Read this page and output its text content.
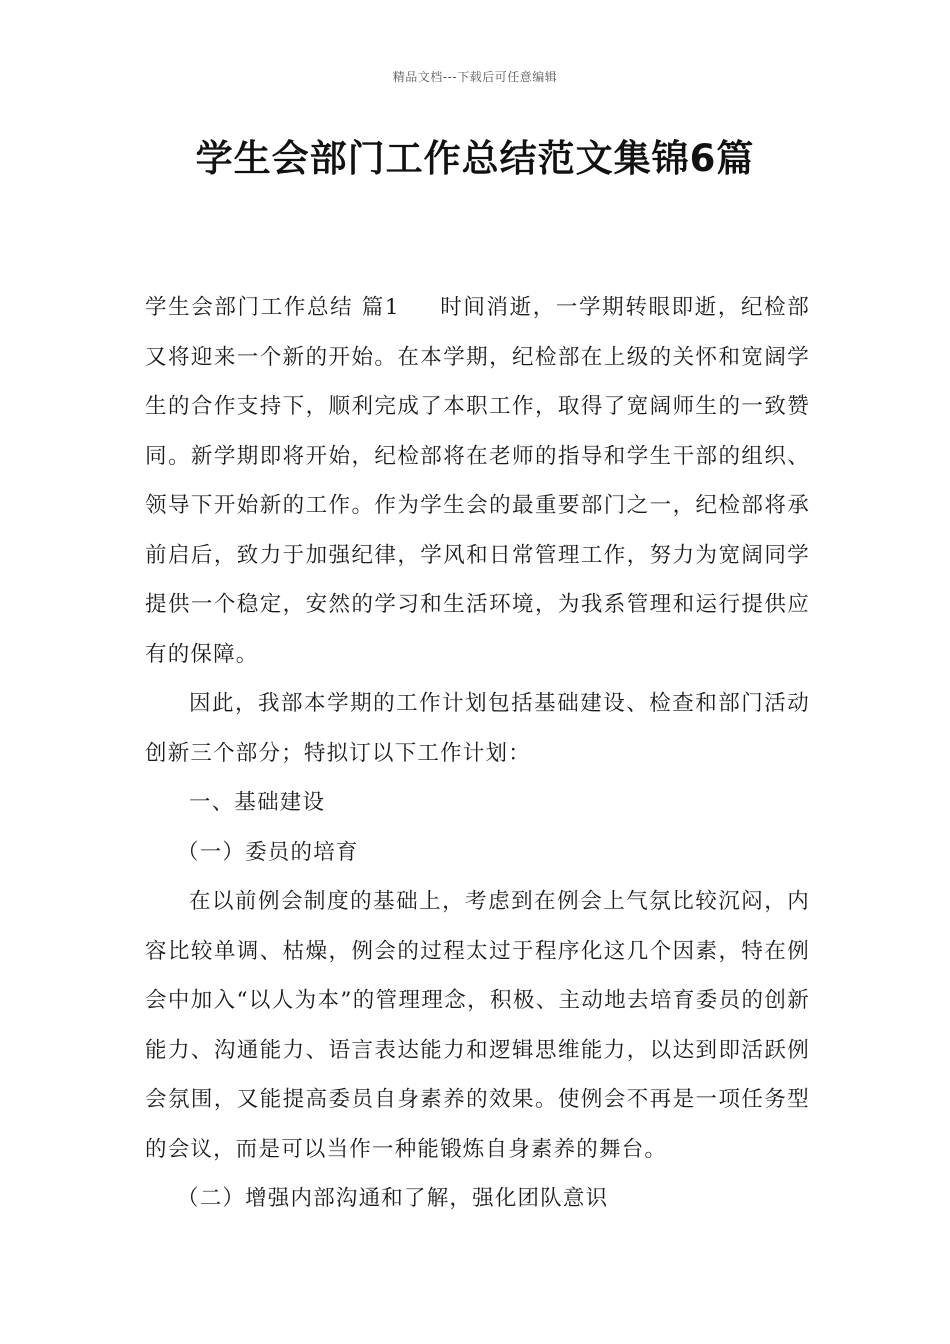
精品文档---下载后可任意编辑
学生会部门工作总结范文集锦6篇

学生会部门工作总结 篇1 时间消逝，一学期转眼即逝，纪检部又将迎来一个新的开始。在本学期，纪检部在上级的关怀和宽阔学生的合作支持下，顺利完成了本职工作，取得了宽阔师生的一致赞同。新学期即将开始，纪检部将在老师的指导和学生干部的组织、领导下开始新的工作。作为学生会的最重要部门之一，纪检部将承前启后，致力于加强纪律，学风和日常管理工作，努力为宽阔同学提供一个稳定，安然的学习和生活环境，为我系管理和运行提供应有的保障。

因此，我部本学期的工作计划包括基础建设、检查和部门活动创新三个部分；特拟订以下工作计划：

一、基础建设

（一）委员的培育

在以前例会制度的基础上，考虑到在例会上气氛比较沉闷，内容比较单调、枯燥，例会的过程太过于程序化这几个因素，特在例会中加入“以人为本”的管理理念，积极、主动地去培育委员的创新能力、沟通能力、语言表达能力和逻辑思维能力，以达到即活跃例会氛围，又能提高委员自身素养的效果。使例会不再是一项任务型的会议，而是可以当作一种能锻炼自身素养的舞台。

（二）增强内部沟通和了解，强化团队意识
